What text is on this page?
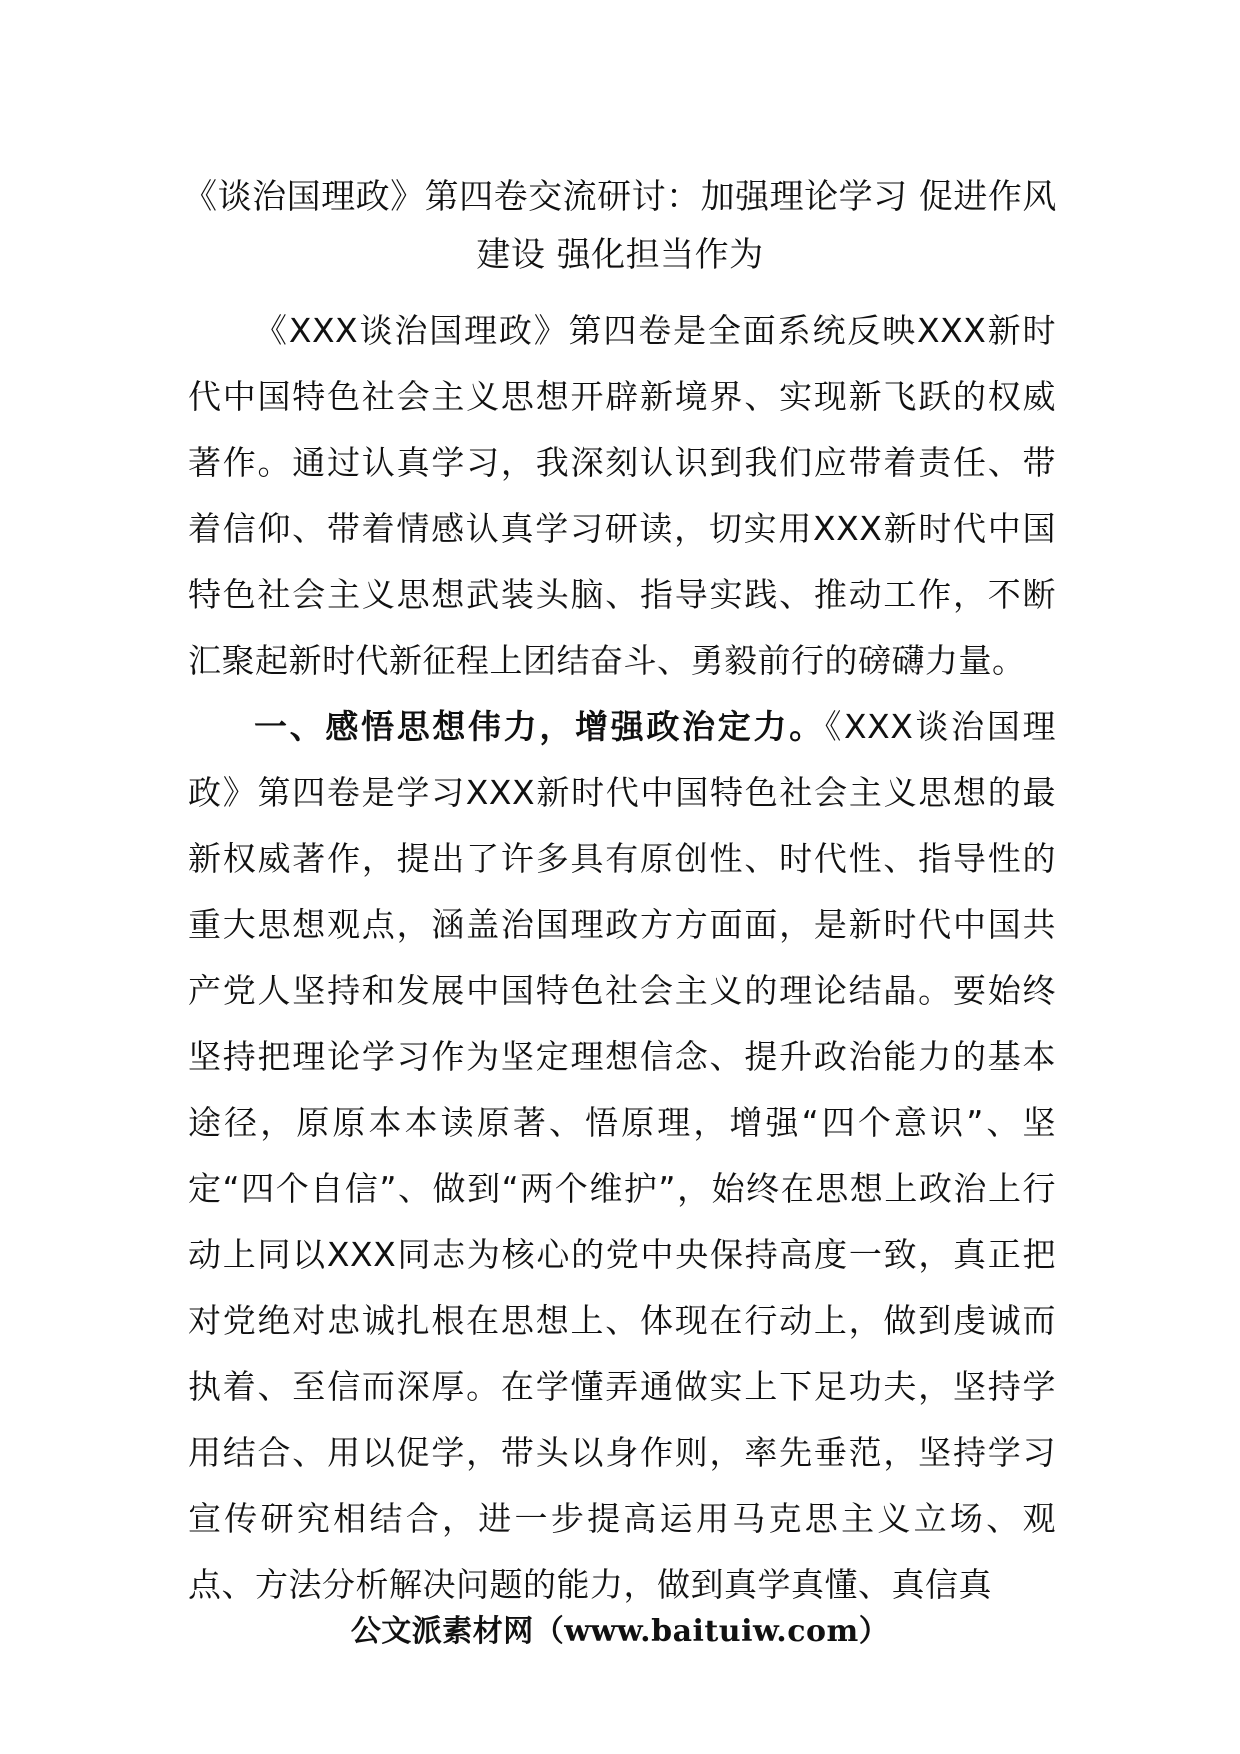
《谈治国理政》第四卷交流研讨：加强理论学习 促进作风
建设 强化担当作为

《XXX谈治国理政》第四卷是全面系统反映XXX新时代中国特色社会主义思想开辟新境界、实现新飞跃的权威著作。通过认真学习，我深刻认识到我们应带着责任、带着信仰、带着情感认真学习研读，切实用XXX新时代中国特色社会主义思想武装头脑、指导实践、推动工作，不断汇聚起新时代新征程上团结奋斗、勇毅前行的磅礴力量。

一、感悟思想伟力，增强政治定力。《XXX谈治国理政》第四卷是学习XXX新时代中国特色社会主义思想的最新权威著作，提出了许多具有原创性、时代性、指导性的重大思想观点，涵盖治国理政方方面面，是新时代中国共产党人坚持和发展中国特色社会主义的理论结晶。要始终坚持把理论学习作为坚定理想信念、提升政治能力的基本途径，原原本本读原著、悟原理，增强“四个意识”、坚定“四个自信”、做到“两个维护”，始终在思想上政治上行动上同以XXX同志为核心的党中央保持高度一致，真正把对党绝对忠诚扎根在思想上、体现在行动上，做到虔诚而执着、至信而深厚。在学懂弄通做实上下足功夫，坚持学用结合、用以促学，带头以身作则，率先垂范，坚持学习宣传研究相结合，进一步提高运用马克思主义立场、观点、方法分析解决问题的能力，做到真学真懂、真信真

公文派素材网（www.baituiw.com）
